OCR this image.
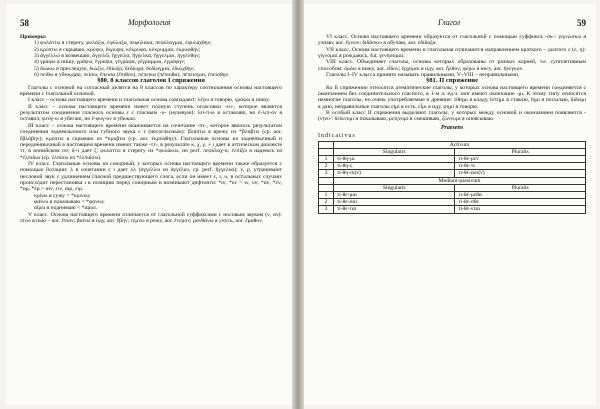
58	Морфология

Примеры:

1) φυλάττω я стерегу, φυλάξω, ἐφύλαξα, πεφύλακα, πεφύλαγμαι, ἐφυλάχθην;

2) κρύπτω я скрываю, κρύψω, ἔκρυψα, κέκρυφα, κέκρυμμαι, ἐκρύφθην;

3) ἀγγέλλω я возвещаю, ἀγγελῶ, ἤγγειλα, ἤγγελκα, ἤγγελμαι, ἠγγέλθην;

4) γράφω я пишу, γράψω, ἔγραψα, γέγραφα, γέγραμμαι, ἐγράφην;

5) διώκω я преследую, διώξω, ἐδίωξα, δεδίωχα, δεδίωγμαι, ἐδιώχθην;

6) πείθω я убеждаю, πείσω, ἔπεισα (ἔπιθον), πέπεικα (πέποιθα), πέπεισμαι, ἐπείσθην.

§80. 8 классов глаголов I спряжения

Глаголы с основой на согласный делятся на 8 классов по характеру соотношения основы настоящего времени с глагольной основой.

I класс – основа настоящего времени и глагольная основа совпадают: λέγω я говорю, γράφω я пишу.

II класс – основа настоящего времени имеет полную ступень огласовки -ευ-, которое является результатом соединения гласного основы ε с гласным -υ- (нулевую): λεί-π-ω я оставляю, но ἔ-λιπ-ον я оставил; φεύγ-ω я убегаю, но ἔ-φυγ-ον я убежал.

III класс – основа настоящего времени оканчивается на сочетание -πτ-, которое явилось результатом соединения заднеязычного или губного звука с τ (несогласным): βλάπτω я врежу из *βλαβτω (ср. aor. ἔβλάβην); κρύπτω я скрываю из *κρυβτω (ср. aor. ἐκρύφθην). Глагольные основы на заднеязычный и переднеязычный в настоящем времени имеют также -ττ-, в результате κ, χ, γ, + ι дает в аттическом диалекте ττ, в ионийском σσ; δ+ι дает ζ: φυλάττω я стерегу из *φυλάκιω, но perf. πεφύλαχ-α; ἐλπίζω я надеюсь из *ἐλπιδιω (ср. ἐλπίσω из *ἐλπιδσω).

IV класс. Глагольные основы на сонорный, у которых основа настоящего времени также образуется с помощью йотации: λ в сочетании с ι дает λλ (ἀγγέλλω из ἀγγέλιω, ср. perf. ἤγγελκα); ν, ρ, утрачивают несловой звук с удлинением гласной предшествующего слога, если он имеет ε, ι, υ, в остальных случаях происходит перестановка ι в позицию перед сонорным и возникают дифтонги: *ιν, *υν > ιν, υν; *αν, *εν, *αρ, *ερ > αιν, ειν, αιρ, ειρ.

κρίνω я сужу < *κρινιω;

φαίνω я показываю < *φανιω;

αἴρω я поднимаю < *αριω.

V класс. Основа настоящего времени отличается от глагольной суффиксами с носовым звуком (ν, αν): πίνω я пью – aor. ἔπιον; βαίνω я иду, aor. ἔβην; τέμνω я режу, aor. ἔτεμον; μανθάνω я учусь, aor. ἔμαθον.

Глагол	59

VI класс. Основа настоящего времени образуется от глагольной с помощью суффикса -σκ-: γιγνώσκω я узнаю, aor. ἔγνων; διδάσκω я обучаю, aor. ἐδίδαξα.

VII класс. Основа настоящего времени и глагольная отличаются направлением краткого – долгого ε (ε, η): γίγνομαι я рождаюсь, fut. γενήσομαι.

VIII класс. Объединяет глаголы, основы которых образованы от разных корней, т.е. супплетивным способом: ὁράω я вижу, aor. εἶδον; ἔρχομαι я иду, aor. ἦλθον; φέρω я несу, aor. ἤνεγκον.

Глаголы I–IV класса принято называть правильными, V–VIII – неправильными.

§81. II спряжение

Ко II спряжению относятся атематические глаголы, у которых основа настоящего времени соединяется с окончанием без соединительного гласного, в 1-м л. ед.ч. они имеют окончание -μι. К этому типу относятся немногие глаголы, но очень употребляемые и древние: τίθημι я кладу, ἵστημι я ставлю, ἵημι я посылаю, δίδωμι я даю; неправильные глаголы εἰμί я есть, εἶμι я иду, φημί я говорю.

В особый класс II спряжения выделяют глаголы, у которых между основой и окончанием появляется -(ν)νυ-: δείκνυμι я показываю, μείγνυμι я смешиваю, ζώννυμι я опоясываю.

Praesens
Indicativus
	Activum	
	Singularis	Pluralis
1	τί-θη-μι	τί-θε-μεν
2	τί-θη-ς	τί-θε-τε
3	τί-θη-σι(ν)	τι-θέ-ασι(ν)
	Medium-passivum	
	Singularis	Pluralis
1	τί-θε-μαι	τι-θέ-μεθα
2	τί-θε-σαι	τί-θε-σθε
3	τί-θε-ται	τί-θε-νται
